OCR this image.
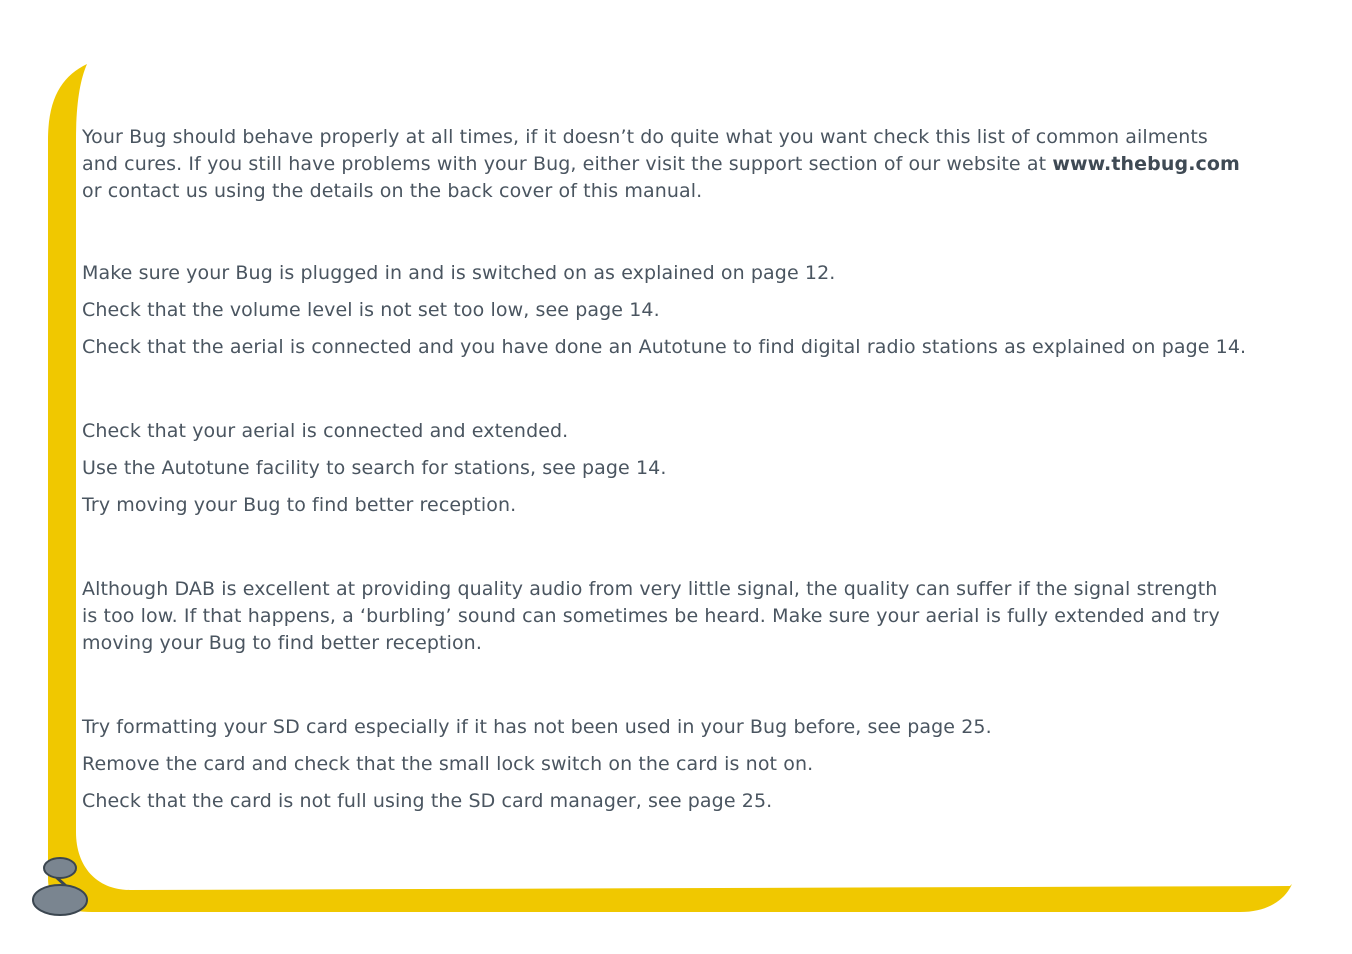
Your Bug should behave properly at all times, if it doesn’t do quite what you want check this list of common ailments

and cures. If you still have problems with your Bug, either visit the support section of our website at www.thebug.com

or contact us using the details on the back cover of this manual.

Make sure your Bug is plugged in and is switched on as explained on page 12.

Check that the volume level is not set too low, see page 14.

Check that the aerial is connected and you have done an Autotune to find digital radio stations as explained on page 14.

Check that your aerial is connected and extended.

Use the Autotune facility to search for stations, see page 14.

Try moving your Bug to find better reception.

Although DAB is excellent at providing quality audio from very little signal, the quality can suffer if the signal strength

is too low. If that happens, a ‘burbling’ sound can sometimes be heard. Make sure your aerial is fully extended and try

moving your Bug to find better reception.

Try formatting your SD card especially if it has not been used in your Bug before, see page 25.

Remove the card and check that the small lock switch on the card is not on.

Check that the card is not full using the SD card manager, see page 25.
